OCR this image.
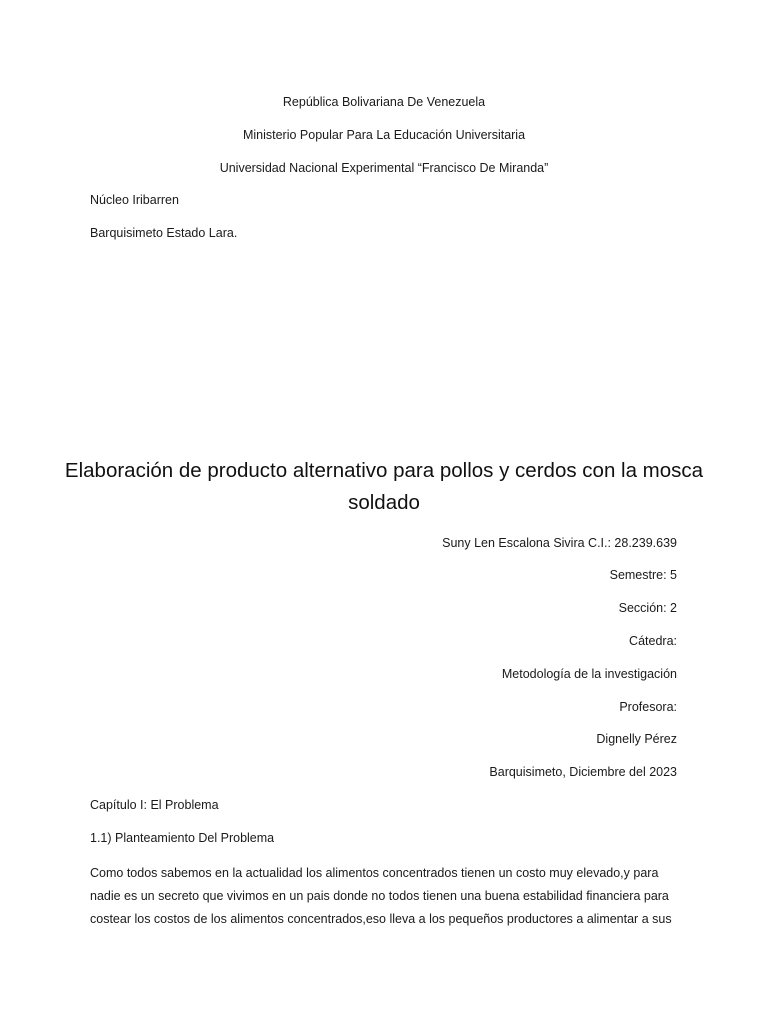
República Bolivariana De Venezuela
Ministerio Popular Para La Educación Universitaria
Universidad Nacional Experimental “Francisco De Miranda”
Núcleo Iribarren
Barquisimeto Estado Lara.
Elaboración de producto alternativo para pollos y cerdos con la mosca soldado
Suny Len Escalona Sivira C.I.: 28.239.639
Semestre: 5
Sección: 2
Cátedra:
Metodología de la investigación
Profesora:
Dignelly Pérez
Barquisimeto, Diciembre del 2023
Capítulo I: El Problema
1.1) Planteamiento Del Problema
Como todos sabemos en la actualidad los alimentos concentrados tienen un costo muy elevado,y para nadie es un secreto que vivimos en un pais donde no todos tienen una buena estabilidad financiera para costear los costos de los alimentos concentrados,eso lleva a los pequeños productores a alimentar a sus
